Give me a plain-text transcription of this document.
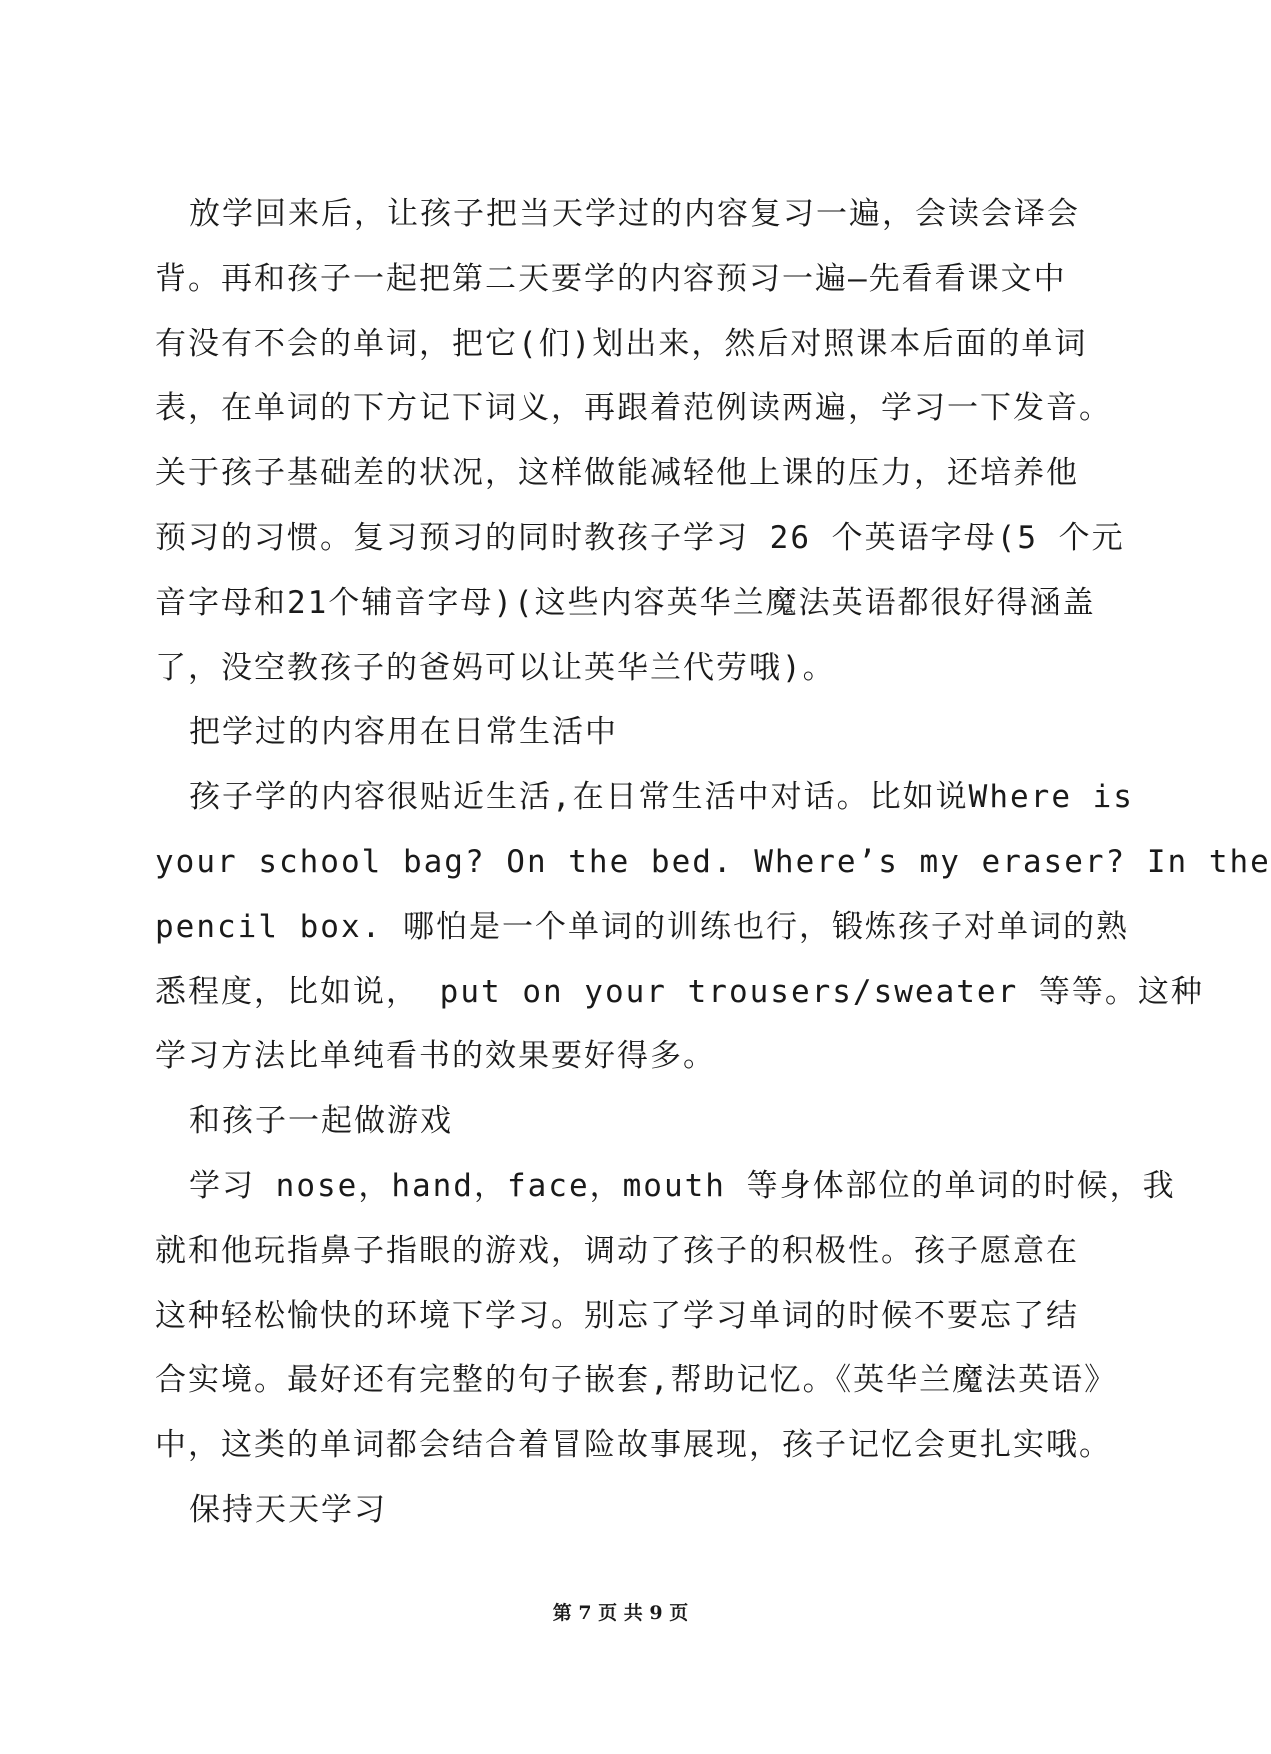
放学回来后，让孩子把当天学过的内容复习一遍，会读会译会
背。再和孩子一起把第二天要学的内容预习一遍—先看看课文中
有没有不会的单词，把它(们)划出来，然后对照课本后面的单词
表，在单词的下方记下词义，再跟着范例读两遍，学习一下发音。
关于孩子基础差的状况，这样做能减轻他上课的压力，还培养他
预习的习惯。复习预习的同时教孩子学习 26 个英语字母(5 个元
音字母和21个辅音字母)(这些内容英华兰魔法英语都很好得涵盖
了，没空教孩子的爸妈可以让英华兰代劳哦)。
把学过的内容用在日常生活中
孩子学的内容很贴近生活,在日常生活中对话。比如说Where is
your school bag? On the bed. Where’s my eraser? In the
pencil box. 哪怕是一个单词的训练也行，锻炼孩子对单词的熟
悉程度，比如说， put on your trousers/sweater 等等。这种
学习方法比单纯看书的效果要好得多。
和孩子一起做游戏
学习 nose，hand，face，mouth 等身体部位的单词的时候，我
就和他玩指鼻子指眼的游戏，调动了孩子的积极性。孩子愿意在
这种轻松愉快的环境下学习。别忘了学习单词的时候不要忘了结
合实境。最好还有完整的句子嵌套,帮助记忆。《英华兰魔法英语》
中，这类的单词都会结合着冒险故事展现，孩子记忆会更扎实哦。
保持天天学习
第 7 页 共 9 页
